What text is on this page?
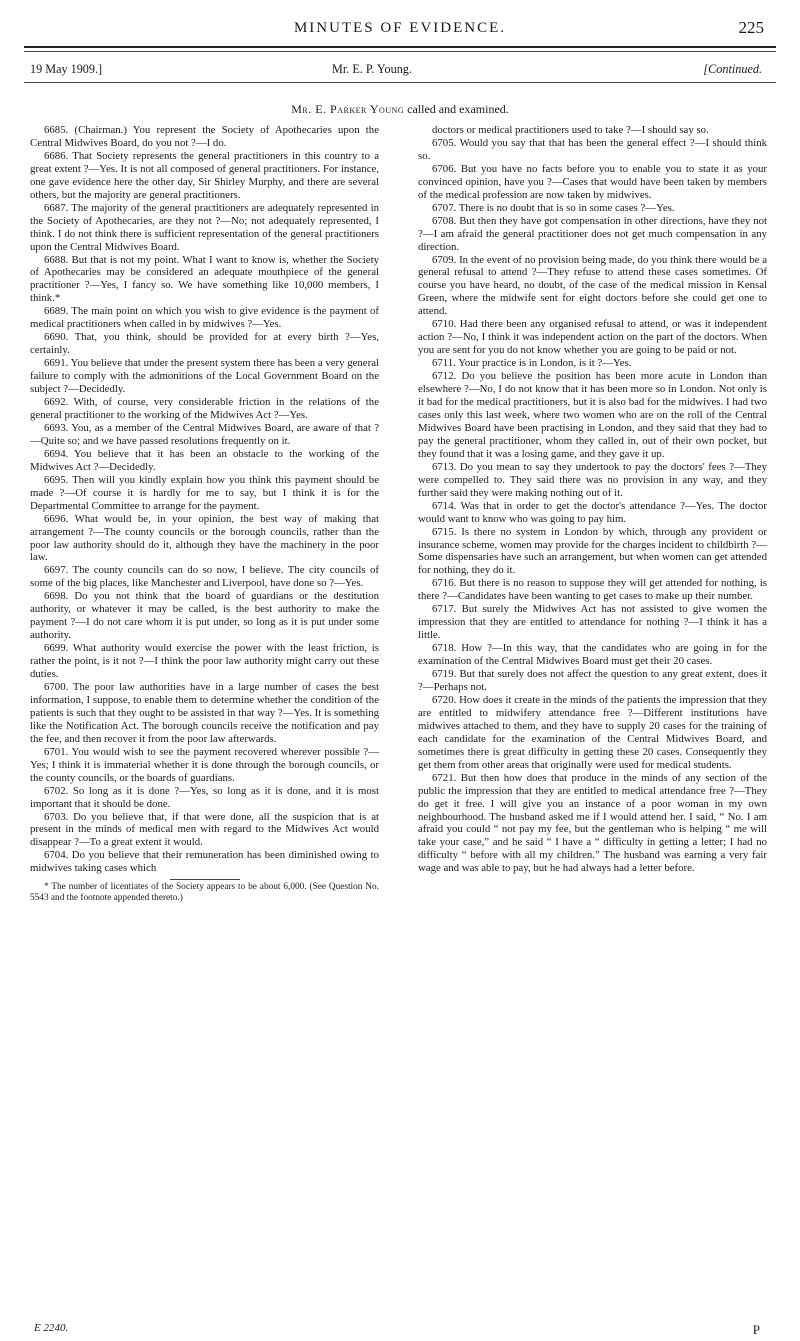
MINUTES OF EVIDENCE.	225
19 May 1909.]	Mr. E. P. Young.	[Continued.
Mr. E. Parker Young called and examined.

6685. (Chairman.) You represent the Society of Apothecaries upon the Central Midwives Board, do you not ?—I do.

6686. That Society represents the general practitioners in this country to a great extent ?—Yes. It is not all composed of general practitioners. For instance, one gave evidence here the other day, Sir Shirley Murphy, and there are several others, but the majority are general practitioners.

6687. The majority of the general practitioners are adequately represented in the Society of Apothecaries, are they not ?—No; not adequately represented, I think. I do not think there is sufficient representation of the general practitioners upon the Central Midwives Board.

6688. But that is not my point. What I want to know is, whether the Society of Apothecaries may be considered an adequate mouthpiece of the general practitioner ?—Yes, I fancy so. We have something like 10,000 members, I think.*

6689. The main point on which you wish to give evidence is the payment of medical practitioners when called in by midwives ?—Yes.

6690. That, you think, should be provided for at every birth ?—Yes, certainly.

6691. You believe that under the present system there has been a very general failure to comply with the admonitions of the Local Government Board on the subject ?—Decidedly.

6692. With, of course, very considerable friction in the relations of the general practitioner to the working of the Midwives Act ?—Yes.

6693. You, as a member of the Central Midwives Board, are aware of that ?—Quite so; and we have passed resolutions frequently on it.

6694. You believe that it has been an obstacle to the working of the Midwives Act ?—Decidedly.

6695. Then will you kindly explain how you think this payment should be made ?—Of course it is hardly for me to say, but I think it is for the Departmental Committee to arrange for the payment.

6696. What would be, in your opinion, the best way of making that arrangement ?—The county councils or the borough councils, rather than the poor law authority should do it, although they have the machinery in the poor law.

6697. The county councils can do so now, I believe. The city councils of some of the big places, like Manchester and Liverpool, have done so ?—Yes.

6698. Do you not think that the board of guardians or the destitution authority, or whatever it may be called, is the best authority to make the payment ?—I do not care whom it is put under, so long as it is put under some authority.

6699. What authority would exercise the power with the least friction, is rather the point, is it not ?—I think the poor law authority might carry out these duties.

6700. The poor law authorities have in a large number of cases the best information, I suppose, to enable them to determine whether the condition of the patients is such that they ought to be assisted in that way ?—Yes. It is something like the Notification Act. The borough councils receive the notification and pay the fee, and then recover it from the poor law afterwards.

6701. You would wish to see the payment recovered wherever possible ?—Yes; I think it is immaterial whether it is done through the borough councils, or the county councils, or the boards of guardians.

6702. So long as it is done ?—Yes, so long as it is done, and it is most important that it should be done.

6703. Do you believe that, if that were done, all the suspicion that is at present in the minds of medical men with regard to the Midwives Act would disappear ?—To a great extent it would.

6704. Do you believe that their remuneration has been diminished owing to midwives taking cases which

* The number of licentiates of the Society appears to be about 6,000. (See Question No. 5543 and the footnote appended thereto.)

doctors or medical practitioners used to take ?—I should say so.

6705. Would you say that that has been the general effect ?—I should think so.

6706. But you have no facts before you to enable you to state it as your convinced opinion, have you ?—Cases that would have been taken by members of the medical profession are now taken by midwives.

6707. There is no doubt that is so in some cases ?—Yes.

6708. But then they have got compensation in other directions, have they not ?—I am afraid the general practitioner does not get much compensation in any direction.

6709. In the event of no provision being made, do you think there would be a general refusal to attend ?—They refuse to attend these cases sometimes. Of course you have heard, no doubt, of the case of the medical mission in Kensal Green, where the midwife sent for eight doctors before she could get one to attend.

6710. Had there been any organised refusal to attend, or was it independent action ?—No, I think it was independent action on the part of the doctors. When you are sent for you do not know whether you are going to be paid or not.

6711. Your practice is in London, is it ?—Yes.

6712. Do you believe the position has been more acute in London than elsewhere ?—No, I do not know that it has been more so in London. Not only is it bad for the medical practitioners, but it is also bad for the midwives. I had two cases only this last week, where two women who are on the roll of the Central Midwives Board have been practising in London, and they said that they had to pay the general practitioner, whom they called in, out of their own pocket, but they found that it was a losing game, and they gave it up.

6713. Do you mean to say they undertook to pay the doctors' fees ?—They were compelled to. They said there was no provision in any way, and they further said they were making nothing out of it.

6714. Was that in order to get the doctor's attendance ?—Yes. The doctor would want to know who was going to pay him.

6715. Is there no system in London by which, through any provident or insurance scheme, women may provide for the charges incident to childbirth ?—Some dispensaries have such an arrangement, but when women can get attended for nothing, they do it.

6716. But there is no reason to suppose they will get attended for nothing, is there ?—Candidates have been wanting to get cases to make up their number.

6717. But surely the Midwives Act has not assisted to give women the impression that they are entitled to attendance for nothing ?—I think it has a little.

6718. How ?—In this way, that the candidates who are going in for the examination of the Central Midwives Board must get their 20 cases.

6719. But that surely does not affect the question to any great extent, does it ?—Perhaps not.

6720. How does it create in the minds of the patients the impression that they are entitled to midwifery attendance free ?—Different institutions have midwives attached to them, and they have to supply 20 cases for the training of each candidate for the examination of the Central Midwives Board, and sometimes there is great difficulty in getting these 20 cases. Consequently they get them from other areas that originally were used for medical students.

6721. But then how does that produce in the minds of any section of the public the impression that they are entitled to medical attendance free ?—They do get it free. I will give you an instance of a poor woman in my own neighbourhood. The husband asked me if I would attend her. I said, “ No. I am afraid you could “ not pay my fee, but the gentleman who is helping “ me will take your case,” and he said “ I have a “ difficulty in getting a letter; I had no difficulty “ before with all my children.” The husband was earning a very fair wage and was able to pay, but he had always had a letter before.

E 2240.	P
